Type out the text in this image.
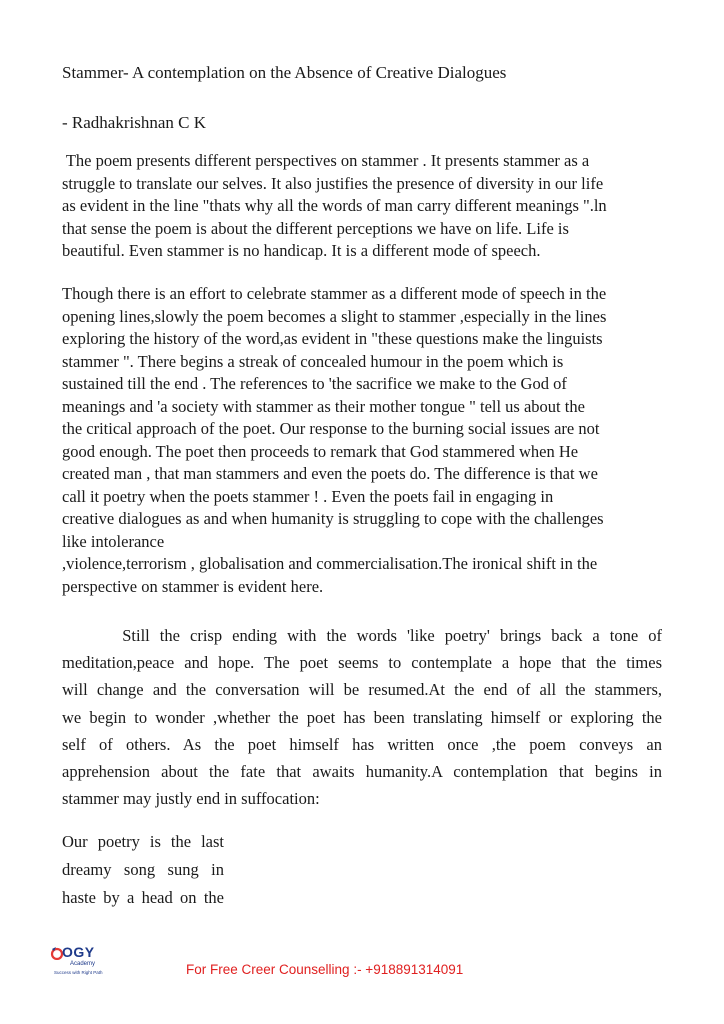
Stammer- A contemplation on the Absence of Creative Dialogues
- Radhakrishnan C K
The poem presents different perspectives on stammer . It presents stammer as a
struggle to translate our selves. It also justifies the presence of diversity in our life
as evident in the line "thats why all the words of man carry different meanings ".ln
that sense the poem is about the different perceptions we have on life. Life is
beautiful. Even stammer is no handicap. It is a different mode of speech.
Though there is an effort to celebrate stammer as a different mode of speech in the
opening lines,slowly the poem becomes a slight to stammer ,especially in the lines
exploring the history of the word,as evident in "these questions make the linguists
stammer ". There begins a streak of concealed humour in the poem which is
sustained till the end . The references to 'the sacrifice we make to the God of
meanings and 'a society with stammer as their mother tongue " tell us about the
the critical approach of the poet. Our response to the burning social issues are not
good enough. The poet then proceeds to remark that God stammered when He
created man , that man stammers and even the poets do. The difference is that we
call it poetry when the poets stammer ! . Even the poets fail in engaging in
creative dialogues as and when humanity is struggling to cope with the challenges
like intolerance
,violence,terrorism , globalisation and commercialisation.The ironical shift in the
perspective on stammer is evident here.
Still the crisp ending with the words 'like poetry' brings back a tone of
meditation,peace and hope. The poet seems to contemplate a hope that the times
will change and the conversation will be resumed.At the end of all the stammers,
we begin to wonder ,whether the poet has been translating himself or exploring the
self of others. As the poet himself has written once ,the poem conveys an
apprehension about the fate that awaits humanity.A contemplation that begins in
stammer may justly end in suffocation:
Our poetry is the last
dreamy song sung in
haste by a head on the
OGY
Academy
Success with Right Path	For Free Creer Counselling :- +918891314091
